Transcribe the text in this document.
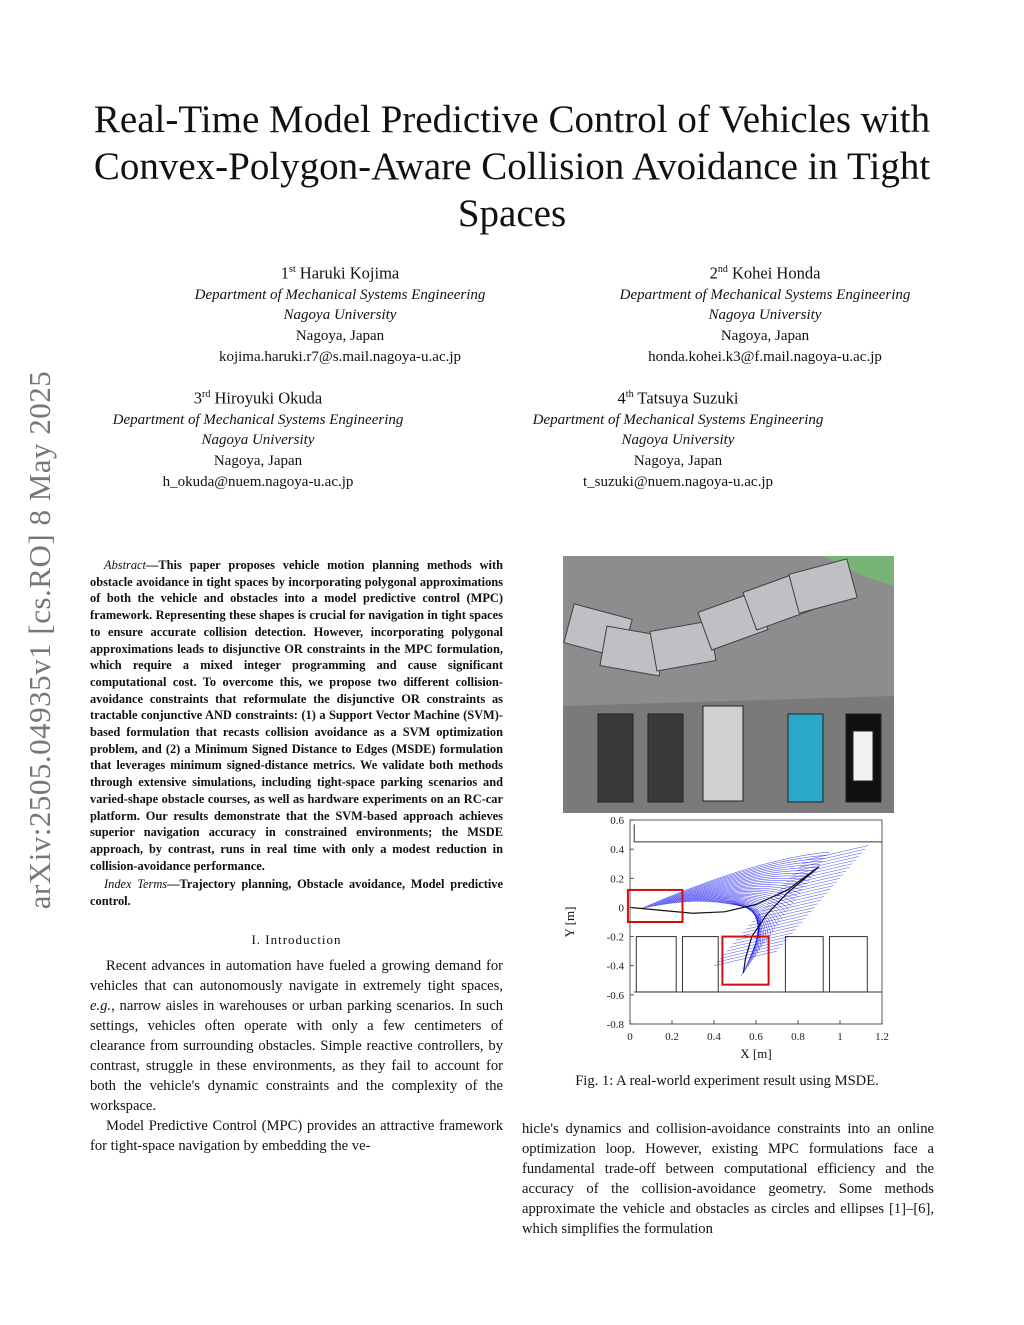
arXiv:2505.04935v1 [cs.RO] 8 May 2025
Real-Time Model Predictive Control of Vehicles with Convex-Polygon-Aware Collision Avoidance in Tight Spaces
1st Haruki Kojima
Department of Mechanical Systems Engineering
Nagoya University
Nagoya, Japan
kojima.haruki.r7@s.mail.nagoya-u.ac.jp
2nd Kohei Honda
Department of Mechanical Systems Engineering
Nagoya University
Nagoya, Japan
honda.kohei.k3@f.mail.nagoya-u.ac.jp
3rd Hiroyuki Okuda
Department of Mechanical Systems Engineering
Nagoya University
Nagoya, Japan
h_okuda@nuem.nagoya-u.ac.jp
4th Tatsuya Suzuki
Department of Mechanical Systems Engineering
Nagoya University
Nagoya, Japan
t_suzuki@nuem.nagoya-u.ac.jp
Abstract—This paper proposes vehicle motion planning methods with obstacle avoidance in tight spaces by incorporating polygonal approximations of both the vehicle and obstacles into a model predictive control (MPC) framework. Representing these shapes is crucial for navigation in tight spaces to ensure accurate collision detection. However, incorporating polygonal approximations leads to disjunctive OR constraints in the MPC formulation, which require a mixed integer programming and cause significant computational cost. To overcome this, we propose two different collision-avoidance constraints that reformulate the disjunctive OR constraints as tractable conjunctive AND constraints: (1) a Support Vector Machine (SVM)-based formulation that recasts collision avoidance as a SVM optimization problem, and (2) a Minimum Signed Distance to Edges (MSDE) formulation that leverages minimum signed-distance metrics. We validate both methods through extensive simulations, including tight-space parking scenarios and varied-shape obstacle courses, as well as hardware experiments on an RC-car platform. Our results demonstrate that the SVM-based approach achieves superior navigation accuracy in constrained environments; the MSDE approach, by contrast, runs in real time with only a modest reduction in collision-avoidance performance.
Index Terms—Trajectory planning, Obstacle avoidance, Model predictive control.
I. Introduction

Recent advances in automation have fueled a growing demand for vehicles that can autonomously navigate in extremely tight spaces, e.g., narrow aisles in warehouses or urban parking scenarios. In such settings, vehicles often operate with only a few centimeters of clearance from surrounding obstacles. Simple reactive controllers, by contrast, struggle in these environments, as they fail to account for both the vehicle's dynamic constraints and the complexity of the workspace.

Model Predictive Control (MPC) provides an attractive framework for tight-space navigation by embedding the ve-

0	0.2	0.4	0.6	0.8	1	1.2
0.6
0.4
0.2
0
-0.2
-0.4
-0.6
-0.8
X [m]
Y [m]
Fig. 1: A real-world experiment result using MSDE.

hicle's dynamics and collision-avoidance constraints into an online optimization loop. However, existing MPC formulations face a fundamental trade-off between computational efficiency and the accuracy of the collision-avoidance geometry. Some methods approximate the vehicle and obstacles as circles and ellipses [1]–[6], which simplifies the formulation
